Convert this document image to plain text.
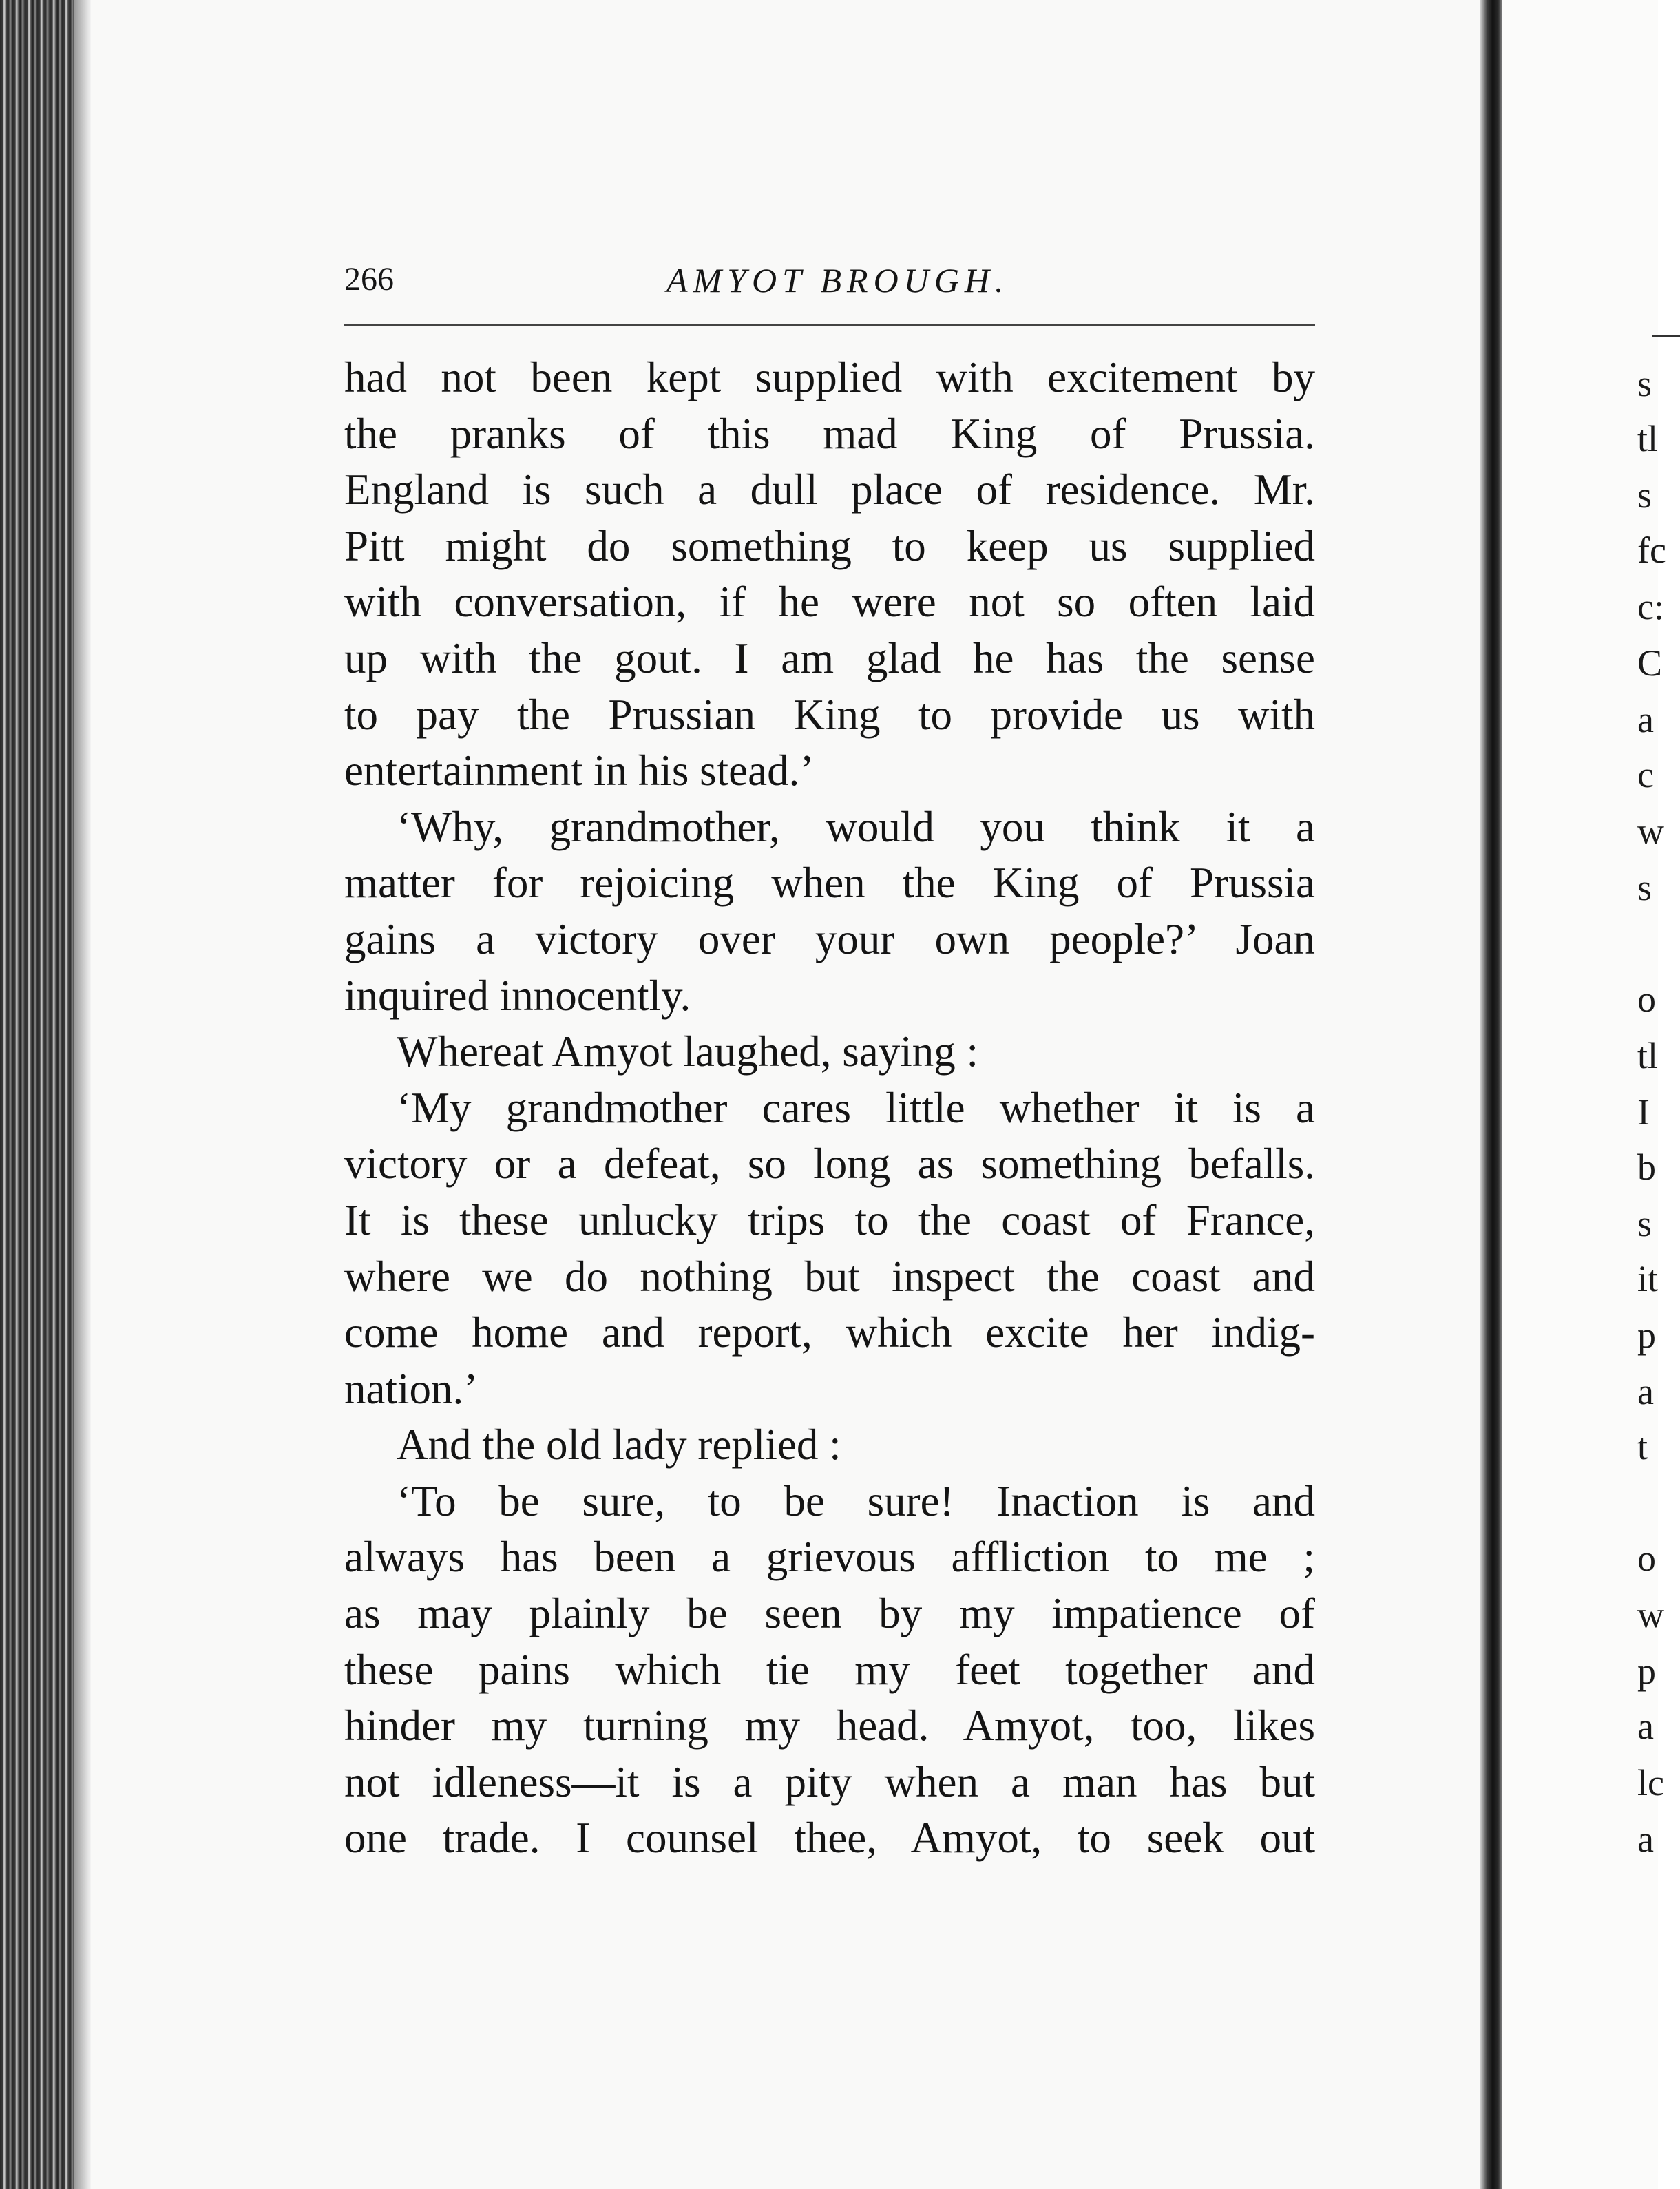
266	AMYOT BROUGH.
had not been kept supplied with excitement by
the pranks of this mad King of Prussia.
England is such a dull place of residence. Mr.
Pitt might do something to keep us supplied
with conversation, if he were not so often laid
up with the gout. I am glad he has the sense
to pay the Prussian King to provide us with
entertainment in his stead.’
‘Why, grandmother, would you think it a
matter for rejoicing when the King of Prussia
gains a victory over your own people?’ Joan
inquired innocently.
Whereat Amyot laughed, saying :
‘My grandmother cares little whether it is a
victory or a defeat, so long as something befalls.
It is these unlucky trips to the coast of France,
where we do nothing but inspect the coast and
come home and report, which excite her indig-
nation.’
And the old lady replied :
‘To be sure, to be sure! Inaction is and
always has been a grievous affliction to me ;
as may plainly be seen by my impatience of
these pains which tie my feet together and
hinder my turning my head. Amyot, too, likes
not idleness—it is a pity when a man has but
one trade. I counsel thee, Amyot, to seek out
s
tl
s
fc
c:
C
a
c
w
s
o
tl
I
b
s
it
p
a
t
o
w
p
a
lc
a
